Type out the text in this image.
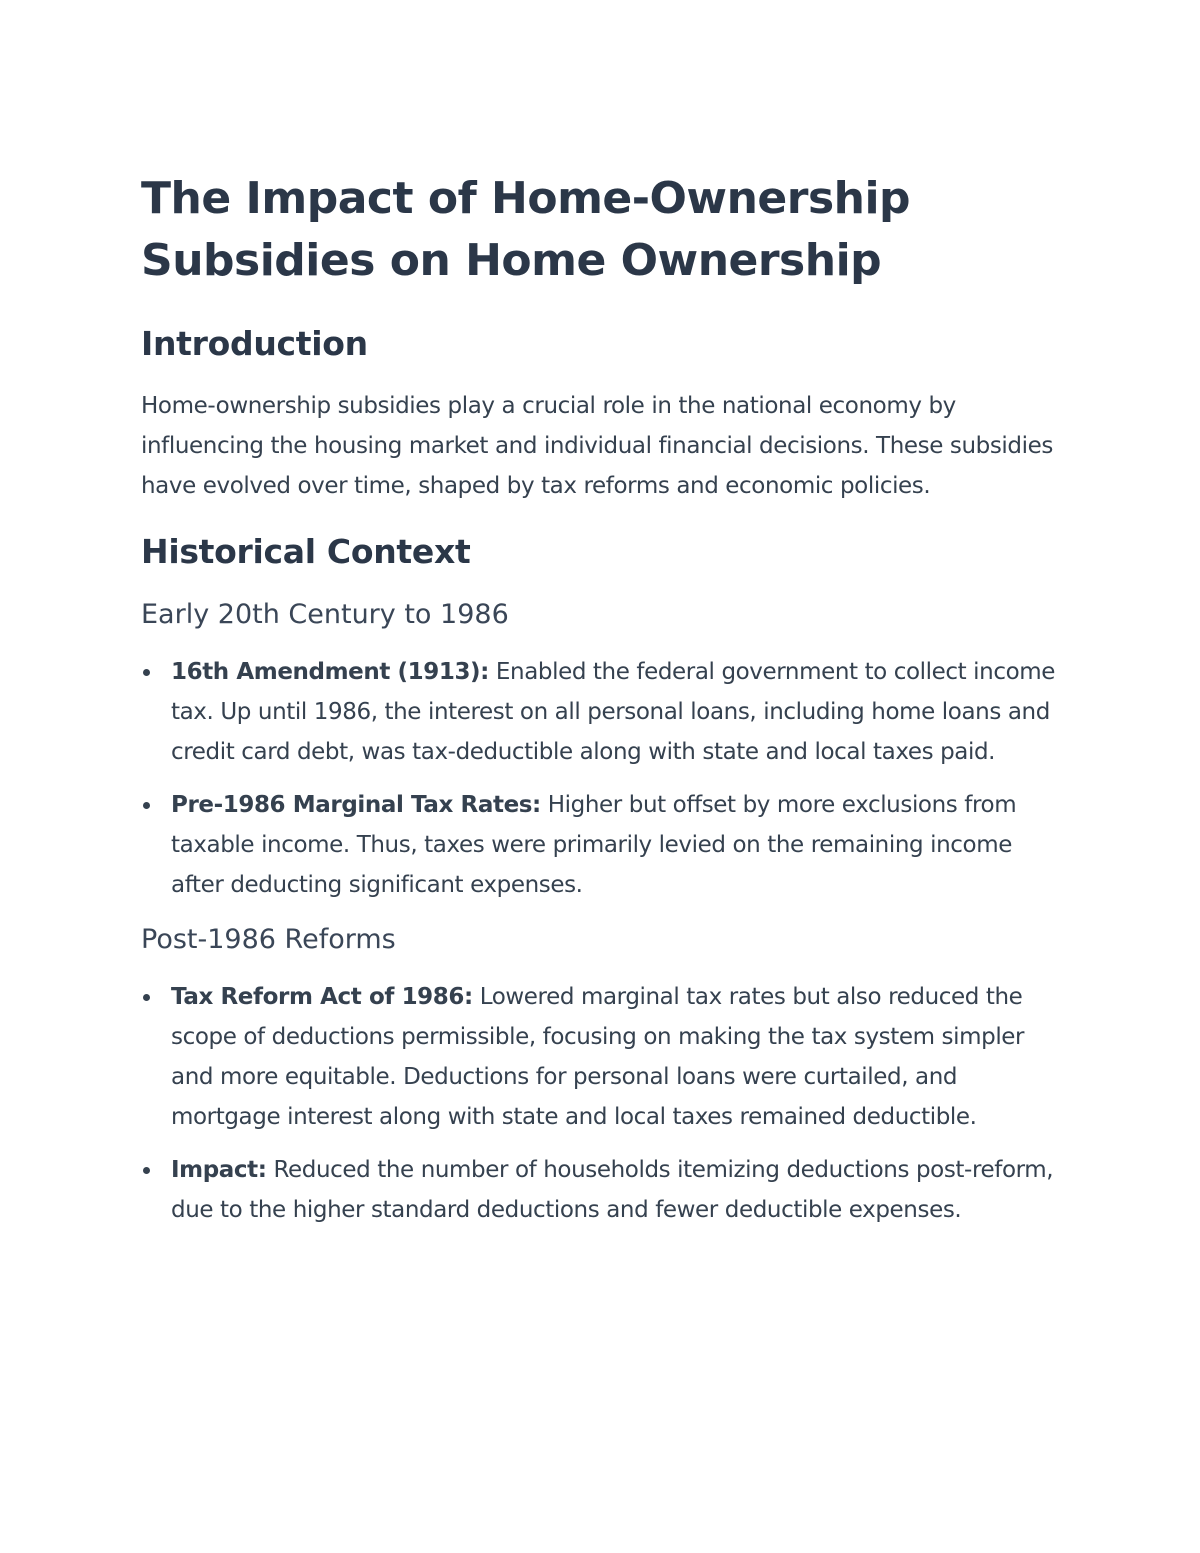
The Impact of Home-Ownership Subsidies on Home Ownership
Introduction

Home-ownership subsidies play a crucial role in the national economy by influencing the housing market and individual financial decisions. These subsidies have evolved over time, shaped by tax reforms and economic policies.

Historical Context
Early 20th Century to 1986
16th Amendment (1913): Enabled the federal government to collect income tax. Up until 1986, the interest on all personal loans, including home loans and credit card debt, was tax-deductible along with state and local taxes paid.
Pre-1986 Marginal Tax Rates: Higher but offset by more exclusions from taxable income. Thus, taxes were primarily levied on the remaining income after deducting significant expenses.
Post-1986 Reforms
Tax Reform Act of 1986: Lowered marginal tax rates but also reduced the scope of deductions permissible, focusing on making the tax system simpler and more equitable. Deductions for personal loans were curtailed, and mortgage interest along with state and local taxes remained deductible.
Impact: Reduced the number of households itemizing deductions post-reform, due to the higher standard deductions and fewer deductible expenses.
